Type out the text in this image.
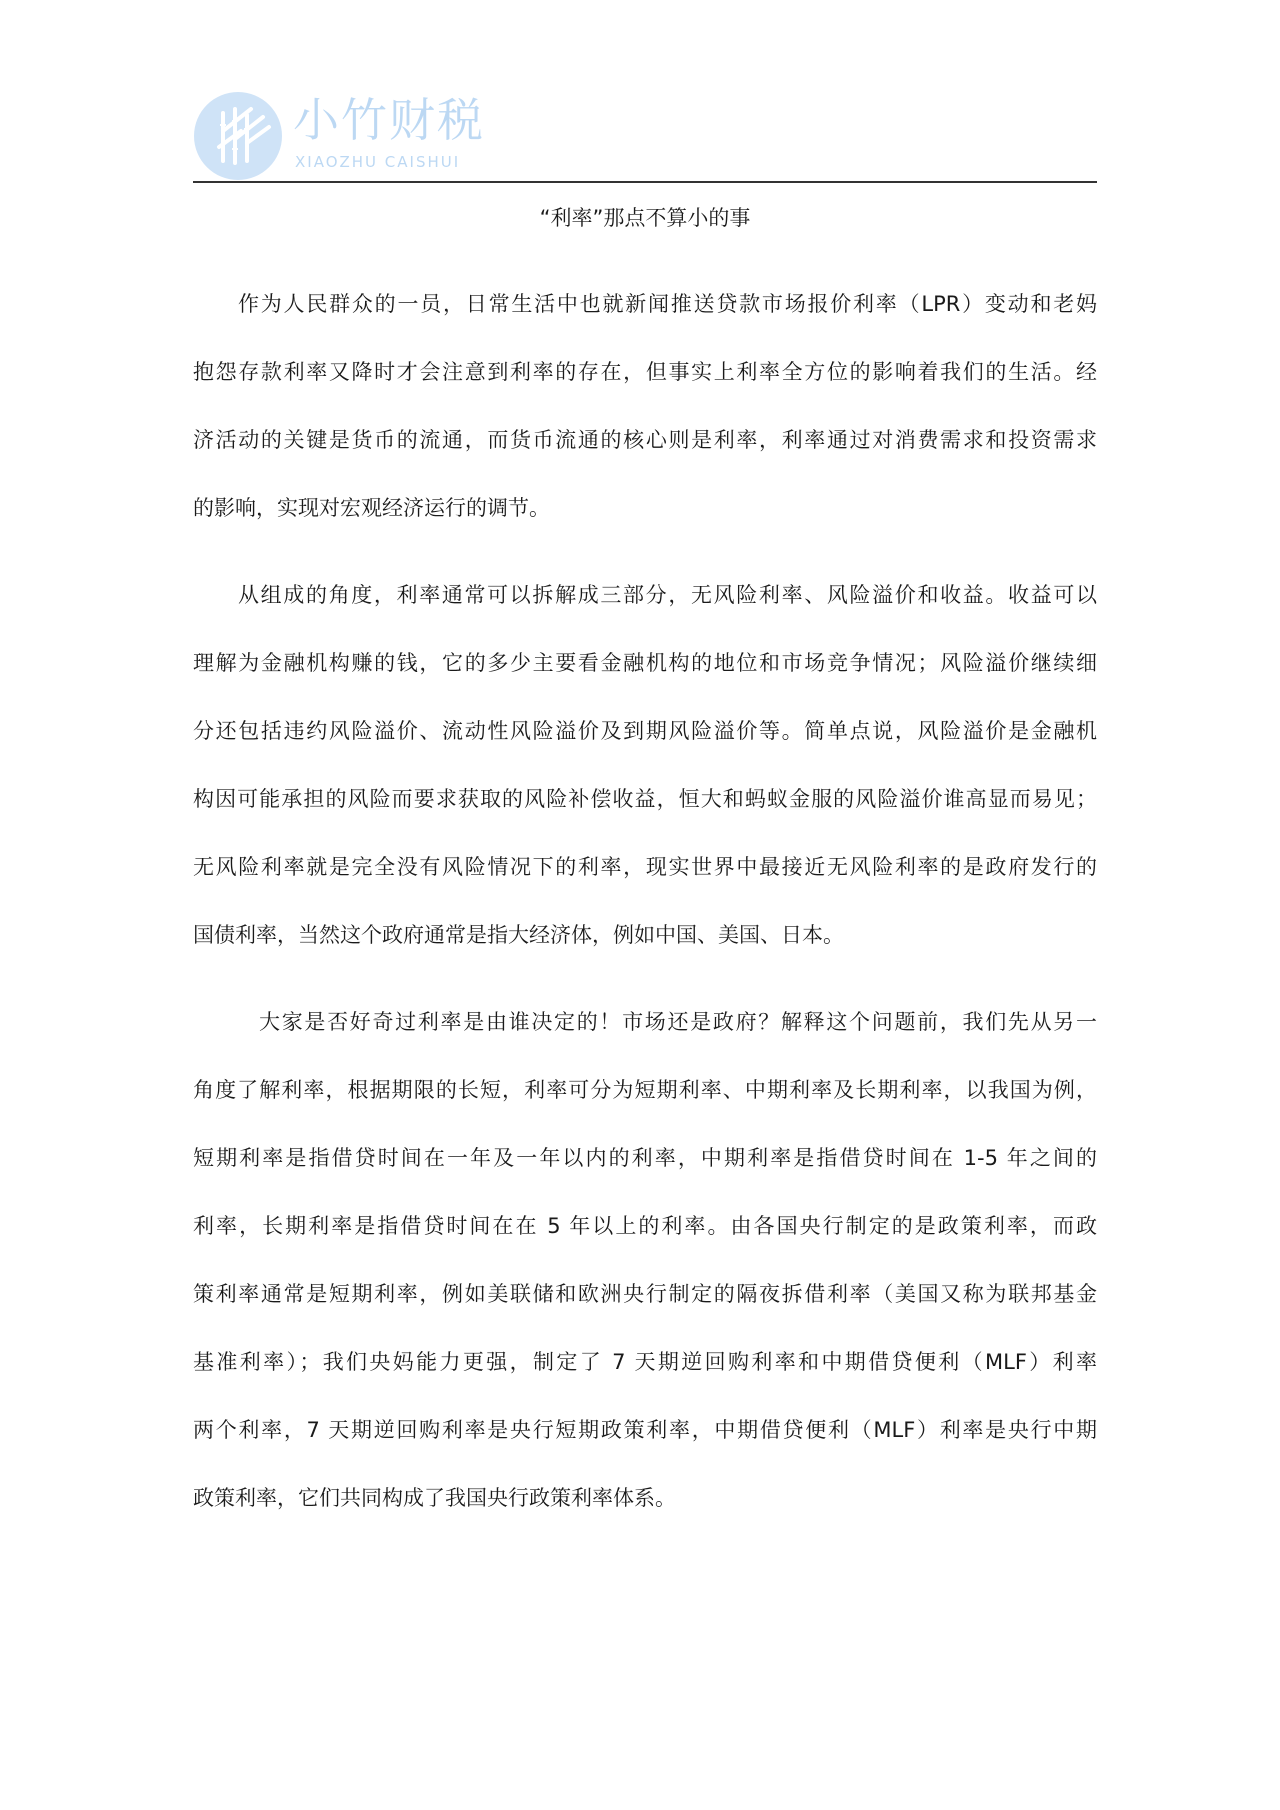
小竹财税
XIAOZHU CAISHUI
“利率”那点不算小的事
作为人民群众的一员，日常生活中也就新闻推送贷款市场报价利率（LPR）变动和老妈
抱怨存款利率又降时才会注意到利率的存在，但事实上利率全方位的影响着我们的生活。经
济活动的关键是货币的流通，而货币流通的核心则是利率，利率通过对消费需求和投资需求
的影响，实现对宏观经济运行的调节。
从组成的角度，利率通常可以拆解成三部分，无风险利率、风险溢价和收益。收益可以
理解为金融机构赚的钱，它的多少主要看金融机构的地位和市场竞争情况；风险溢价继续细
分还包括违约风险溢价、流动性风险溢价及到期风险溢价等。简单点说，风险溢价是金融机
构因可能承担的风险而要求获取的风险补偿收益，恒大和蚂蚁金服的风险溢价谁高显而易见；
无风险利率就是完全没有风险情况下的利率，现实世界中最接近无风险利率的是政府发行的
国债利率，当然这个政府通常是指大经济体，例如中国、美国、日本。
大家是否好奇过利率是由谁决定的！市场还是政府？解释这个问题前，我们先从另一
角度了解利率，根据期限的长短，利率可分为短期利率、中期利率及长期利率，以我国为例，
短期利率是指借贷时间在一年及一年以内的利率，中期利率是指借贷时间在 1-5 年之间的
利率，长期利率是指借贷时间在在 5 年以上的利率。由各国央行制定的是政策利率，而政
策利率通常是短期利率，例如美联储和欧洲央行制定的隔夜拆借利率（美国又称为联邦基金
基准利率）；我们央妈能力更强，制定了 7 天期逆回购利率和中期借贷便利（MLF）利率
两个利率，7 天期逆回购利率是央行短期政策利率，中期借贷便利（MLF）利率是央行中期
政策利率，它们共同构成了我国央行政策利率体系。
